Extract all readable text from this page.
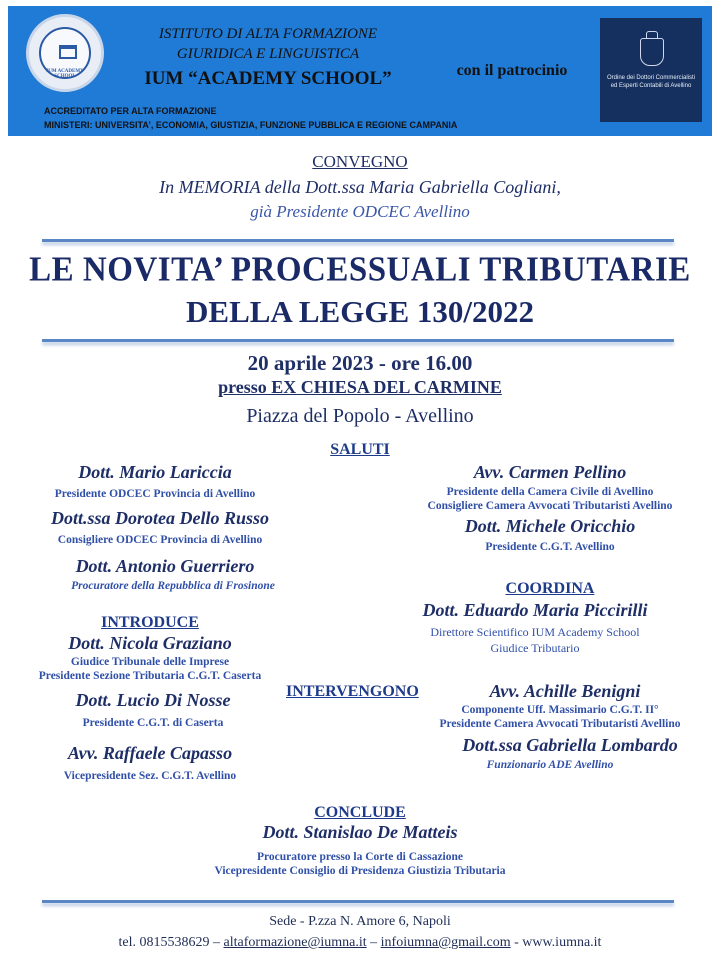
IUM ACADEMY SCHOOL
ISTITUTO DI ALTA FORMAZIONE
GIURIDICA E LINGUISTICA
IUM “ACADEMY SCHOOL”	con il patrocinio	Ordine dei Dottori Commercialisti ed Esperti Contabili di Avellino
ACCREDITATO PER ALTA FORMAZIONE
MINISTERI: UNIVERSITA’, ECONOMIA, GIUSTIZIA, FUNZIONE PUBBLICA E REGIONE CAMPANIA
CONVEGNO
In MEMORIA della Dott.ssa Maria Gabriella Cogliani,
già Presidente ODCEC Avellino
LE NOVITA’ PROCESSUALI TRIBUTARIE
DELLA LEGGE 130/2022
20 aprile 2023 - ore 16.00
presso EX CHIESA DEL CARMINE
Piazza del Popolo - Avellino
SALUTI
Dott. Mario Lariccia
Presidente ODCEC Provincia di Avellino
Dott.ssa Dorotea Dello Russo
Consigliere ODCEC Provincia di Avellino
Dott. Antonio Guerriero
Procuratore della Repubblica di Frosinone
Avv. Carmen Pellino
Presidente della Camera Civile di Avellino
Consigliere Camera Avvocati Tributaristi Avellino
Dott. Michele Oricchio
Presidente C.G.T. Avellino
INTRODUCE
Dott. Nicola Graziano
Giudice Tribunale delle Imprese
Presidente Sezione Tributaria C.G.T. Caserta
Dott. Lucio Di Nosse
Presidente C.G.T. di Caserta
Avv. Raffaele Capasso
Vicepresidente Sez. C.G.T. Avellino
COORDINA
Dott. Eduardo Maria Piccirilli
Direttore Scientifico IUM Academy School
Giudice Tributario
INTERVENGONO	Avv. Achille Benigni
Componente Uff. Massimario C.G.T. II°
Presidente Camera Avvocati Tributaristi Avellino
Dott.ssa Gabriella Lombardo
Funzionario ADE Avellino
CONCLUDE
Dott. Stanislao De Matteis
Procuratore presso la Corte di Cassazione
Vicepresidente Consiglio di Presidenza Giustizia Tributaria
Sede - P.zza N. Amore 6, Napoli
tel. 0815538629 – altaformazione@iumna.it – infoiumna@gmail.com - www.iumna.it
